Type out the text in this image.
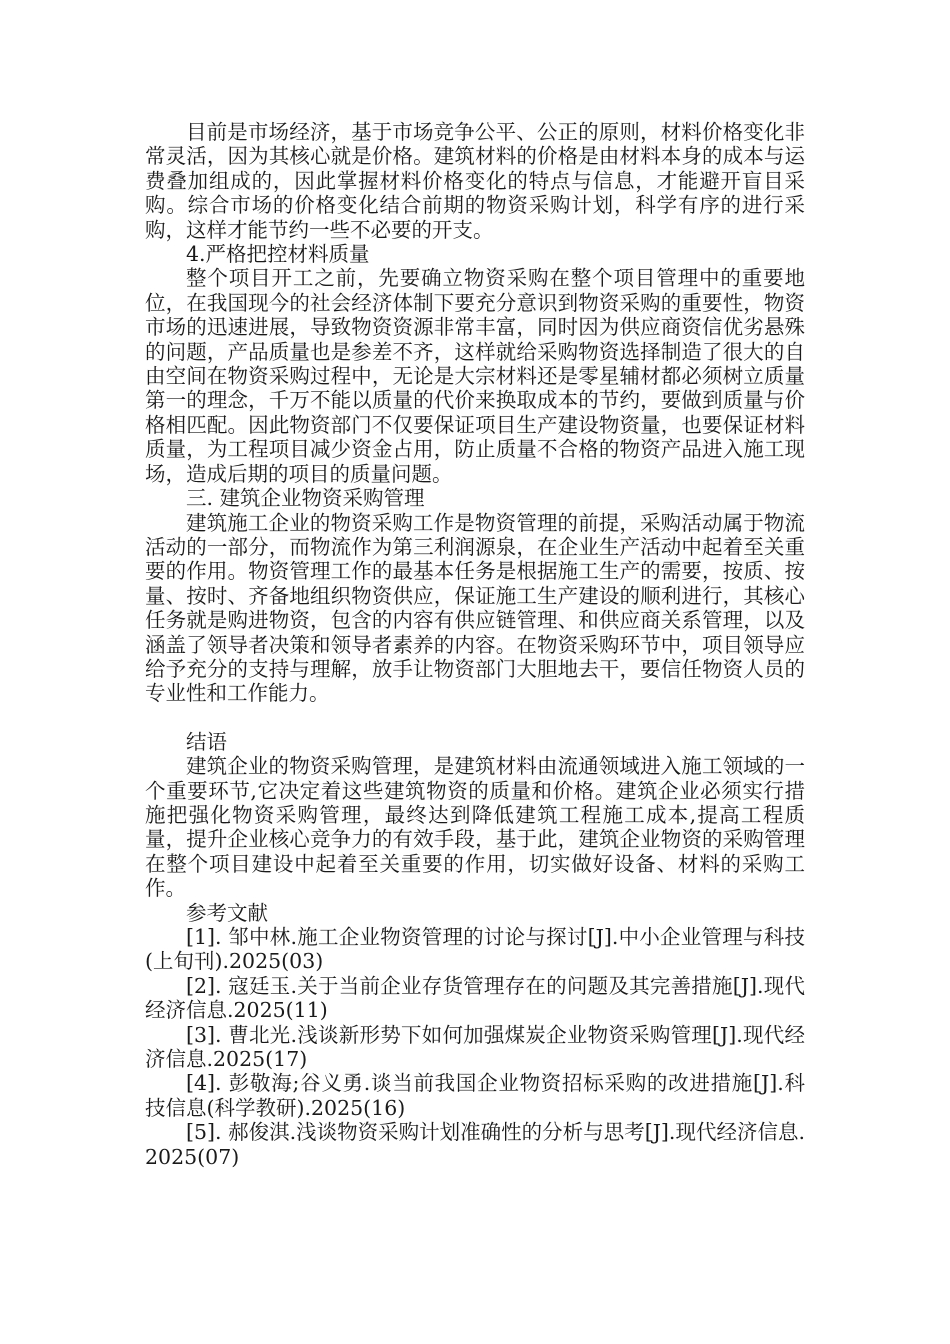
目前是市场经济，基于市场竞争公平、公正的原则，材料价格变化非常灵活，因为其核心就是价格。建筑材料的价格是由材料本身的成本与运费叠加组成的，因此掌握材料价格变化的特点与信息，才能避开盲目采购。综合市场的价格变化结合前期的物资采购计划，科学有序的进行采购，这样才能节约一些不必要的开支。

4.严格把控材料质量

整个项目开工之前，先要确立物资采购在整个项目管理中的重要地位，在我国现今的社会经济体制下要充分意识到物资采购的重要性，物资市场的迅速进展，导致物资资源非常丰富，同时因为供应商资信优劣悬殊的问题，产品质量也是参差不齐，这样就给采购物资选择制造了很大的自由空间在物资采购过程中，无论是大宗材料还是零星辅材都必须树立质量第一的理念，千万不能以质量的代价来换取成本的节约，要做到质量与价格相匹配。因此物资部门不仅要保证项目生产建设物资量，也要保证材料质量，为工程项目减少资金占用，防止质量不合格的物资产品进入施工现场，造成后期的项目的质量问题。

三. 建筑企业物资采购管理

建筑施工企业的物资采购工作是物资管理的前提，采购活动属于物流活动的一部分，而物流作为第三利润源泉，在企业生产活动中起着至关重要的作用。物资管理工作的最基本任务是根据施工生产的需要，按质、按量、按时、齐备地组织物资供应，保证施工生产建设的顺利进行，其核心任务就是购进物资，包含的内容有供应链管理、和供应商关系管理，以及涵盖了领导者决策和领导者素养的内容。在物资采购环节中，项目领导应给予充分的支持与理解，放手让物资部门大胆地去干，要信任物资人员的专业性和工作能力。

结语

建筑企业的物资采购管理，是建筑材料由流通领域进入施工领域的一个重要环节,它决定着这些建筑物资的质量和价格。建筑企业必须实行措施把强化物资采购管理，最终达到降低建筑工程施工成本,提高工程质量，提升企业核心竞争力的有效手段，基于此，建筑企业物资的采购管理在整个项目建设中起着至关重要的作用，切实做好设备、材料的采购工作。

参考文献

[1]. 邹中林.施工企业物资管理的讨论与探讨[J].中小企业管理与科技(上旬刊).2025(03)

[2]. 寇廷玉.关于当前企业存货管理存在的问题及其完善措施[J].现代经济信息.2025(11)

[3]. 曹北光.浅谈新形势下如何加强煤炭企业物资采购管理[J].现代经济信息.2025(17)

[4]. 彭敬海;谷义勇.谈当前我国企业物资招标采购的改进措施[J].科技信息(科学教研).2025(16)

[5]. 郝俊淇.浅谈物资采购计划准确性的分析与思考[J].现代经济信息.2025(07)
